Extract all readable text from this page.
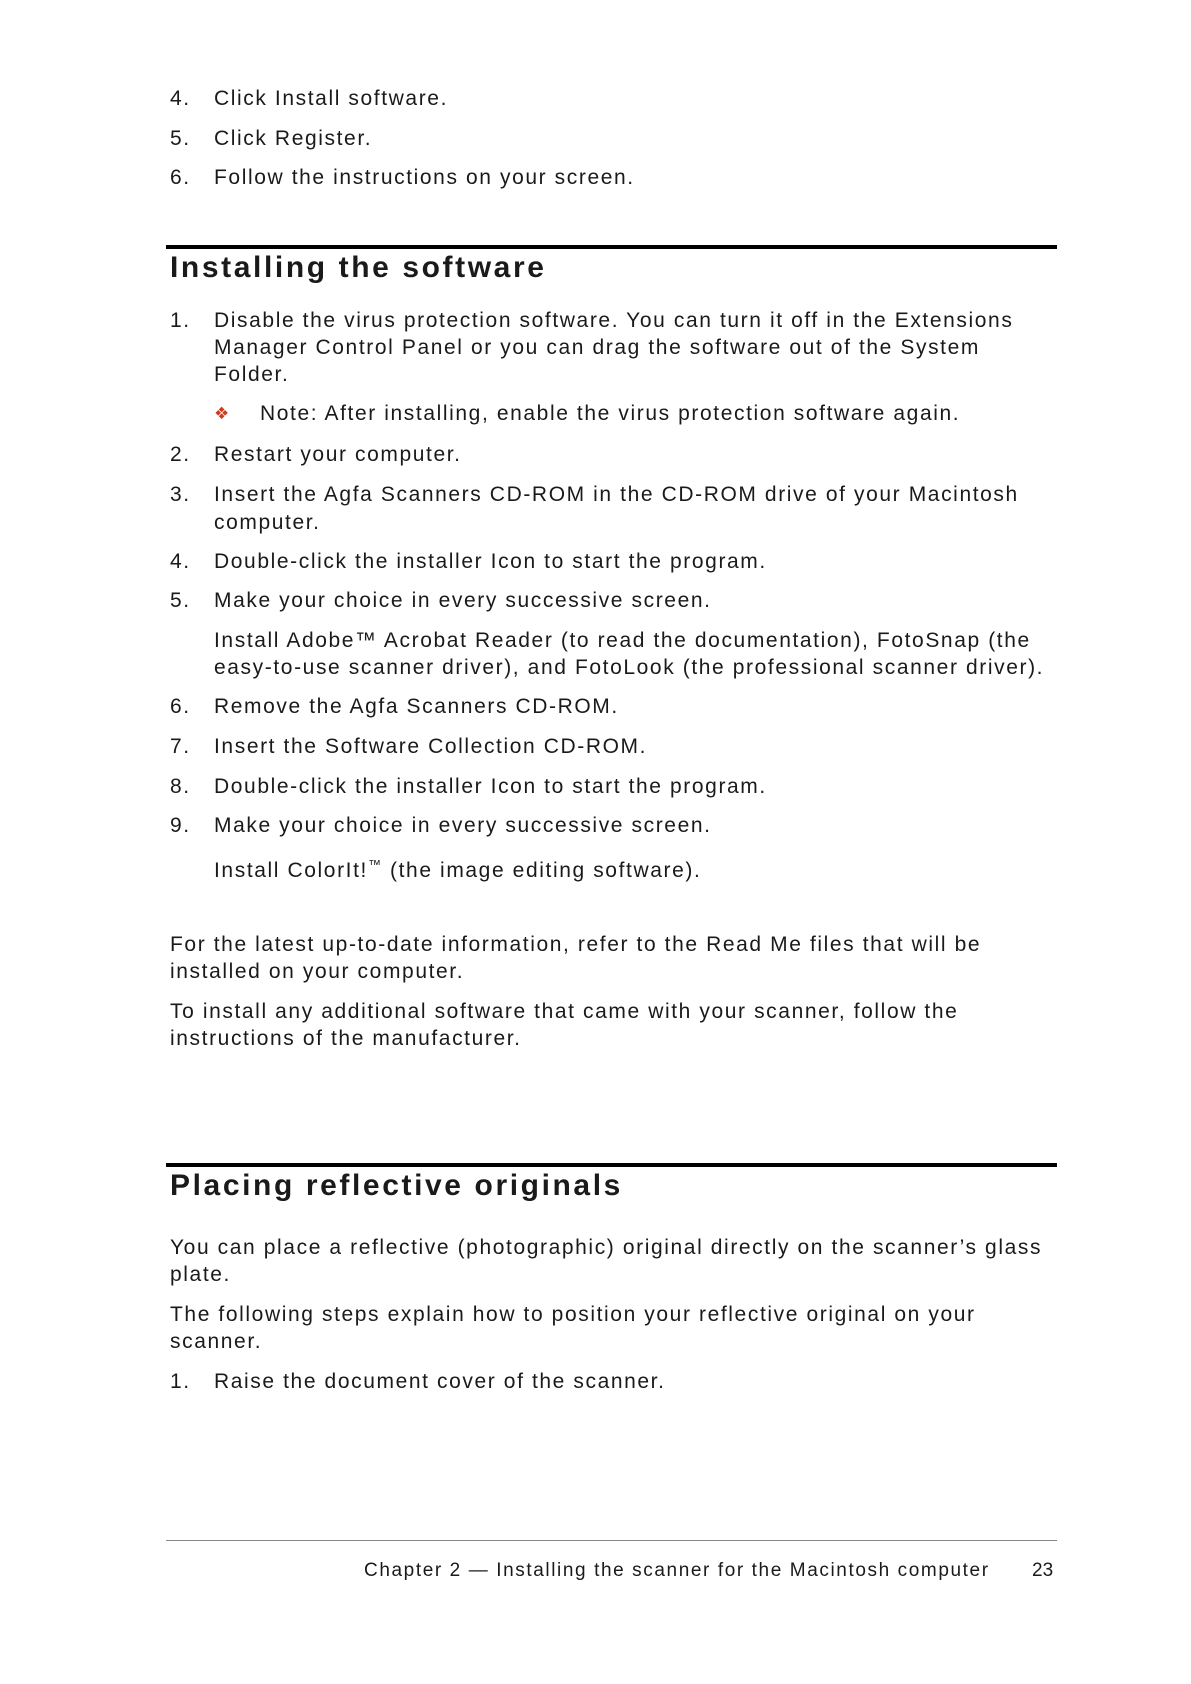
4. Click Install software.
5. Click Register.
6. Follow the instructions on your screen.
Installing the software
1. Disable the virus protection software. You can turn it off in the Extensions
Manager Control Panel or you can drag the software out of the System
Folder.
❖ Note: After installing, enable the virus protection software again.
2. Restart your computer.
3. Insert the Agfa Scanners CD-ROM in the CD-ROM drive of your Macintosh
computer.
4. Double-click the installer Icon to start the program.
5. Make your choice in every successive screen.
Install Adobe™ Acrobat Reader (to read the documentation), FotoSnap (the
easy-to-use scanner driver), and FotoLook (the professional scanner driver).
6. Remove the Agfa Scanners CD-ROM.
7. Insert the Software Collection CD-ROM.
8. Double-click the installer Icon to start the program.
9. Make your choice in every successive screen.
Install ColorIt!™ (the image editing software).
For the latest up-to-date information, refer to the Read Me files that will be
installed on your computer.
To install any additional software that came with your scanner, follow the
instructions of the manufacturer.
Placing reflective originals
You can place a reflective (photographic) original directly on the scanner’s glass
plate.
The following steps explain how to position your reflective original on your
scanner.
1. Raise the document cover of the scanner.
Chapter 2 — Installing the scanner for the Macintosh computer 23
